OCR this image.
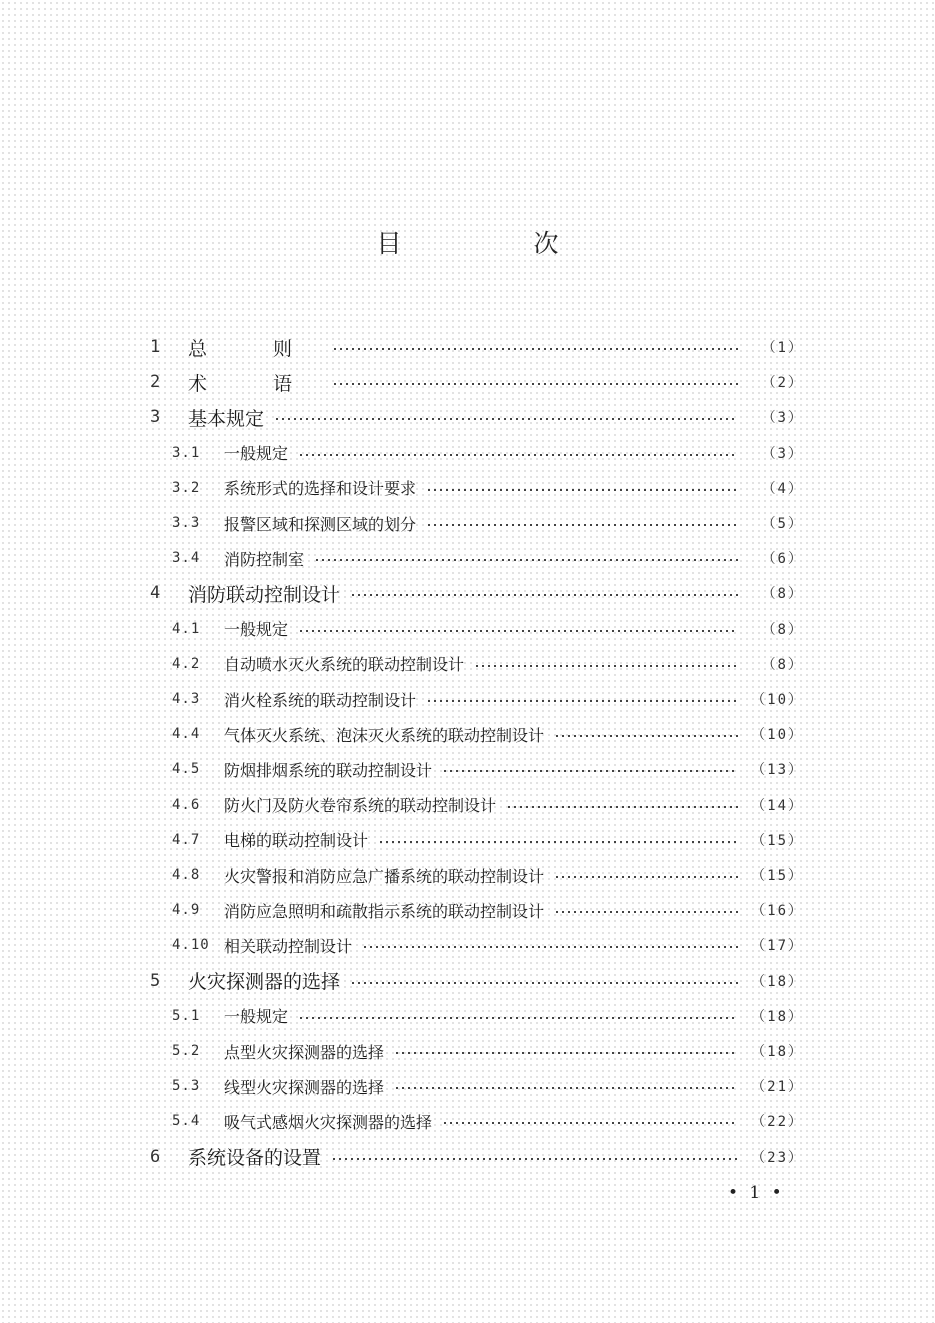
目 次
1	总 则	（1）
2	术 语	（2）
3	基本规定	（3）
3.1	一般规定	（3）
3.2	系统形式的选择和设计要求	（4）
3.3	报警区域和探测区域的划分	（5）
3.4	消防控制室	（6）
4	消防联动控制设计	（8）
4.1	一般规定	（8）
4.2	自动喷水灭火系统的联动控制设计	（8）
4.3	消火栓系统的联动控制设计	（10）
4.4	气体灭火系统、泡沫灭火系统的联动控制设计	（10）
4.5	防烟排烟系统的联动控制设计	（13）
4.6	防火门及防火卷帘系统的联动控制设计	（14）
4.7	电梯的联动控制设计	（15）
4.8	火灾警报和消防应急广播系统的联动控制设计	（15）
4.9	消防应急照明和疏散指示系统的联动控制设计	（16）
4.10 相关联动控制设计	（17）
5	火灾探测器的选择	（18）
5.1	一般规定	（18）
5.2	点型火灾探测器的选择	（18）
5.3	线型火灾探测器的选择	（21）
5.4	吸气式感烟火灾探测器的选择	（22）
6	系统设备的设置	（23）
• 1 •
